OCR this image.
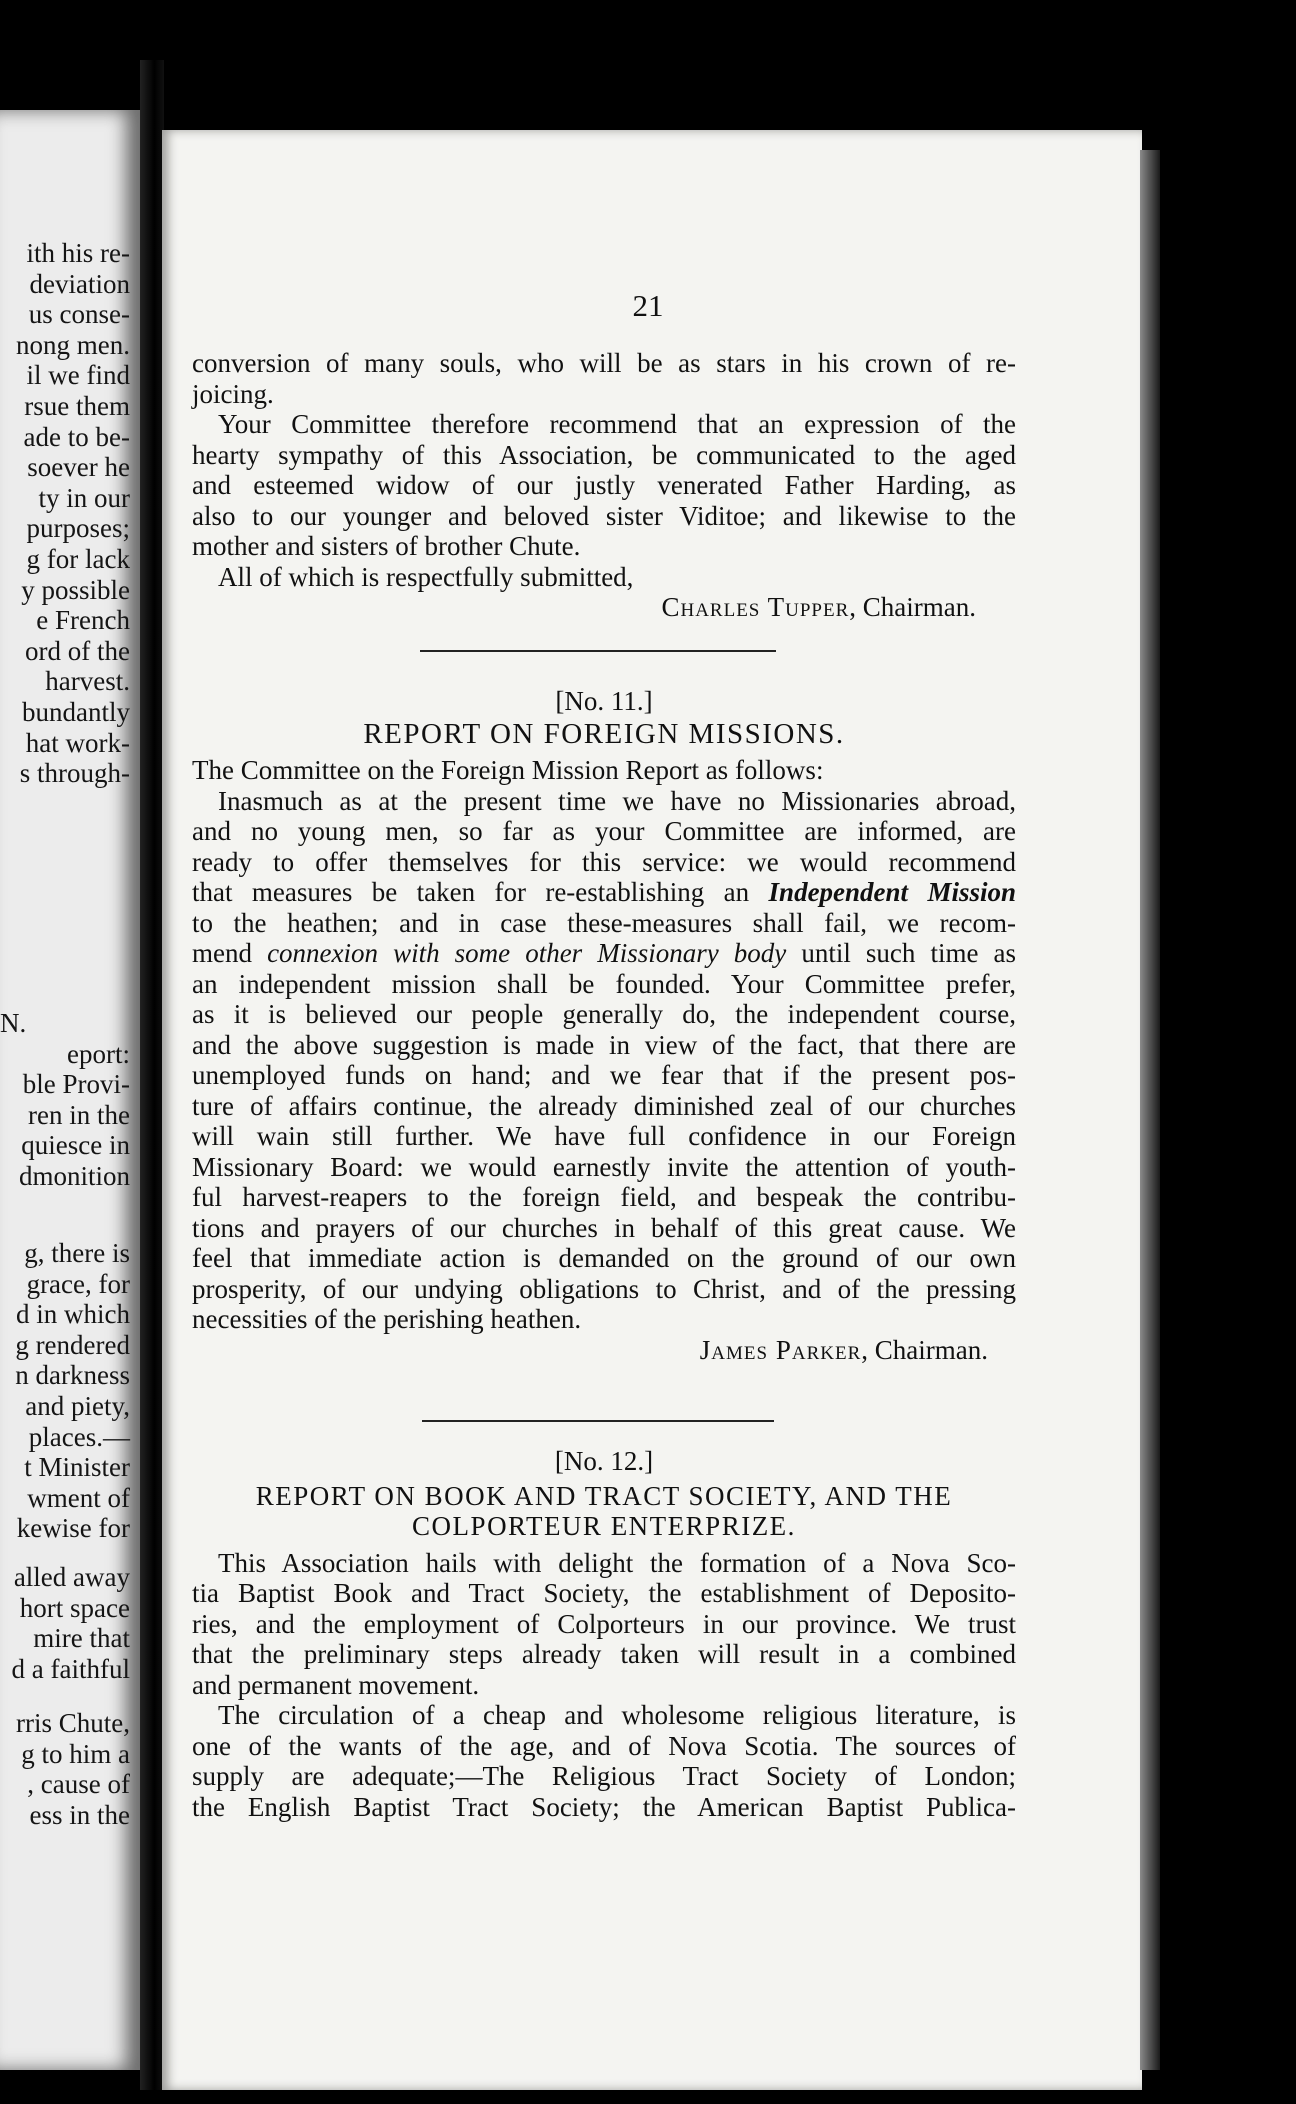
ith his re-
deviation
us conse-
nong men.
il we find
rsue them
ade to be-
soever he
ty in our
purposes;
g for lack
y possible
e French
ord of the
harvest.
bundantly
hat work-
s through-
N.
eport:
ble Provi-
ren in the
quiesce in
dmonition
g, there is
grace, for
d in which
g rendered
n darkness
and piety,
places.—
t Minister
wment of
kewise for
alled away
hort space
mire that
d a faithful
rris Chute,
g to him a
, cause of
ess in the
21
conversion of many souls, who will be as stars in his crown of re-
joicing.
Your Committee therefore recommend that an expression of the
hearty sympathy of this Association, be communicated to the aged
and esteemed widow of our justly venerated Father Harding, as
also to our younger and beloved sister Viditoe; and likewise to the
mother and sisters of brother Chute.
All of which is respectfully submitted,
Charles Tupper, Chairman.
[No. 11.]
REPORT ON FOREIGN MISSIONS.
The Committee on the Foreign Mission Report as follows:
Inasmuch as at the present time we have no Missionaries abroad,
and no young men, so far as your Committee are informed, are
ready to offer themselves for this service: we would recommend
that measures be taken for re-establishing an Independent Mission
to the heathen; and in case these-measures shall fail, we recom-
mend connexion with some other Missionary body until such time as
an independent mission shall be founded. Your Committee prefer,
as it is believed our people generally do, the independent course,
and the above suggestion is made in view of the fact, that there are
unemployed funds on hand; and we fear that if the present pos-
ture of affairs continue, the already diminished zeal of our churches
will wain still further. We have full confidence in our Foreign
Missionary Board: we would earnestly invite the attention of youth-
ful harvest-reapers to the foreign field, and bespeak the contribu-
tions and prayers of our churches in behalf of this great cause. We
feel that immediate action is demanded on the ground of our own
prosperity, of our undying obligations to Christ, and of the pressing
necessities of the perishing heathen.
James Parker, Chairman.
[No. 12.]
REPORT ON BOOK AND TRACT SOCIETY, AND THE
COLPORTEUR ENTERPRIZE.
This Association hails with delight the formation of a Nova Sco-
tia Baptist Book and Tract Society, the establishment of Deposito-
ries, and the employment of Colporteurs in our province. We trust
that the preliminary steps already taken will result in a combined
and permanent movement.
The circulation of a cheap and wholesome religious literature, is
one of the wants of the age, and of Nova Scotia. The sources of
supply are adequate;—The Religious Tract Society of London;
the English Baptist Tract Society; the American Baptist Publica-
